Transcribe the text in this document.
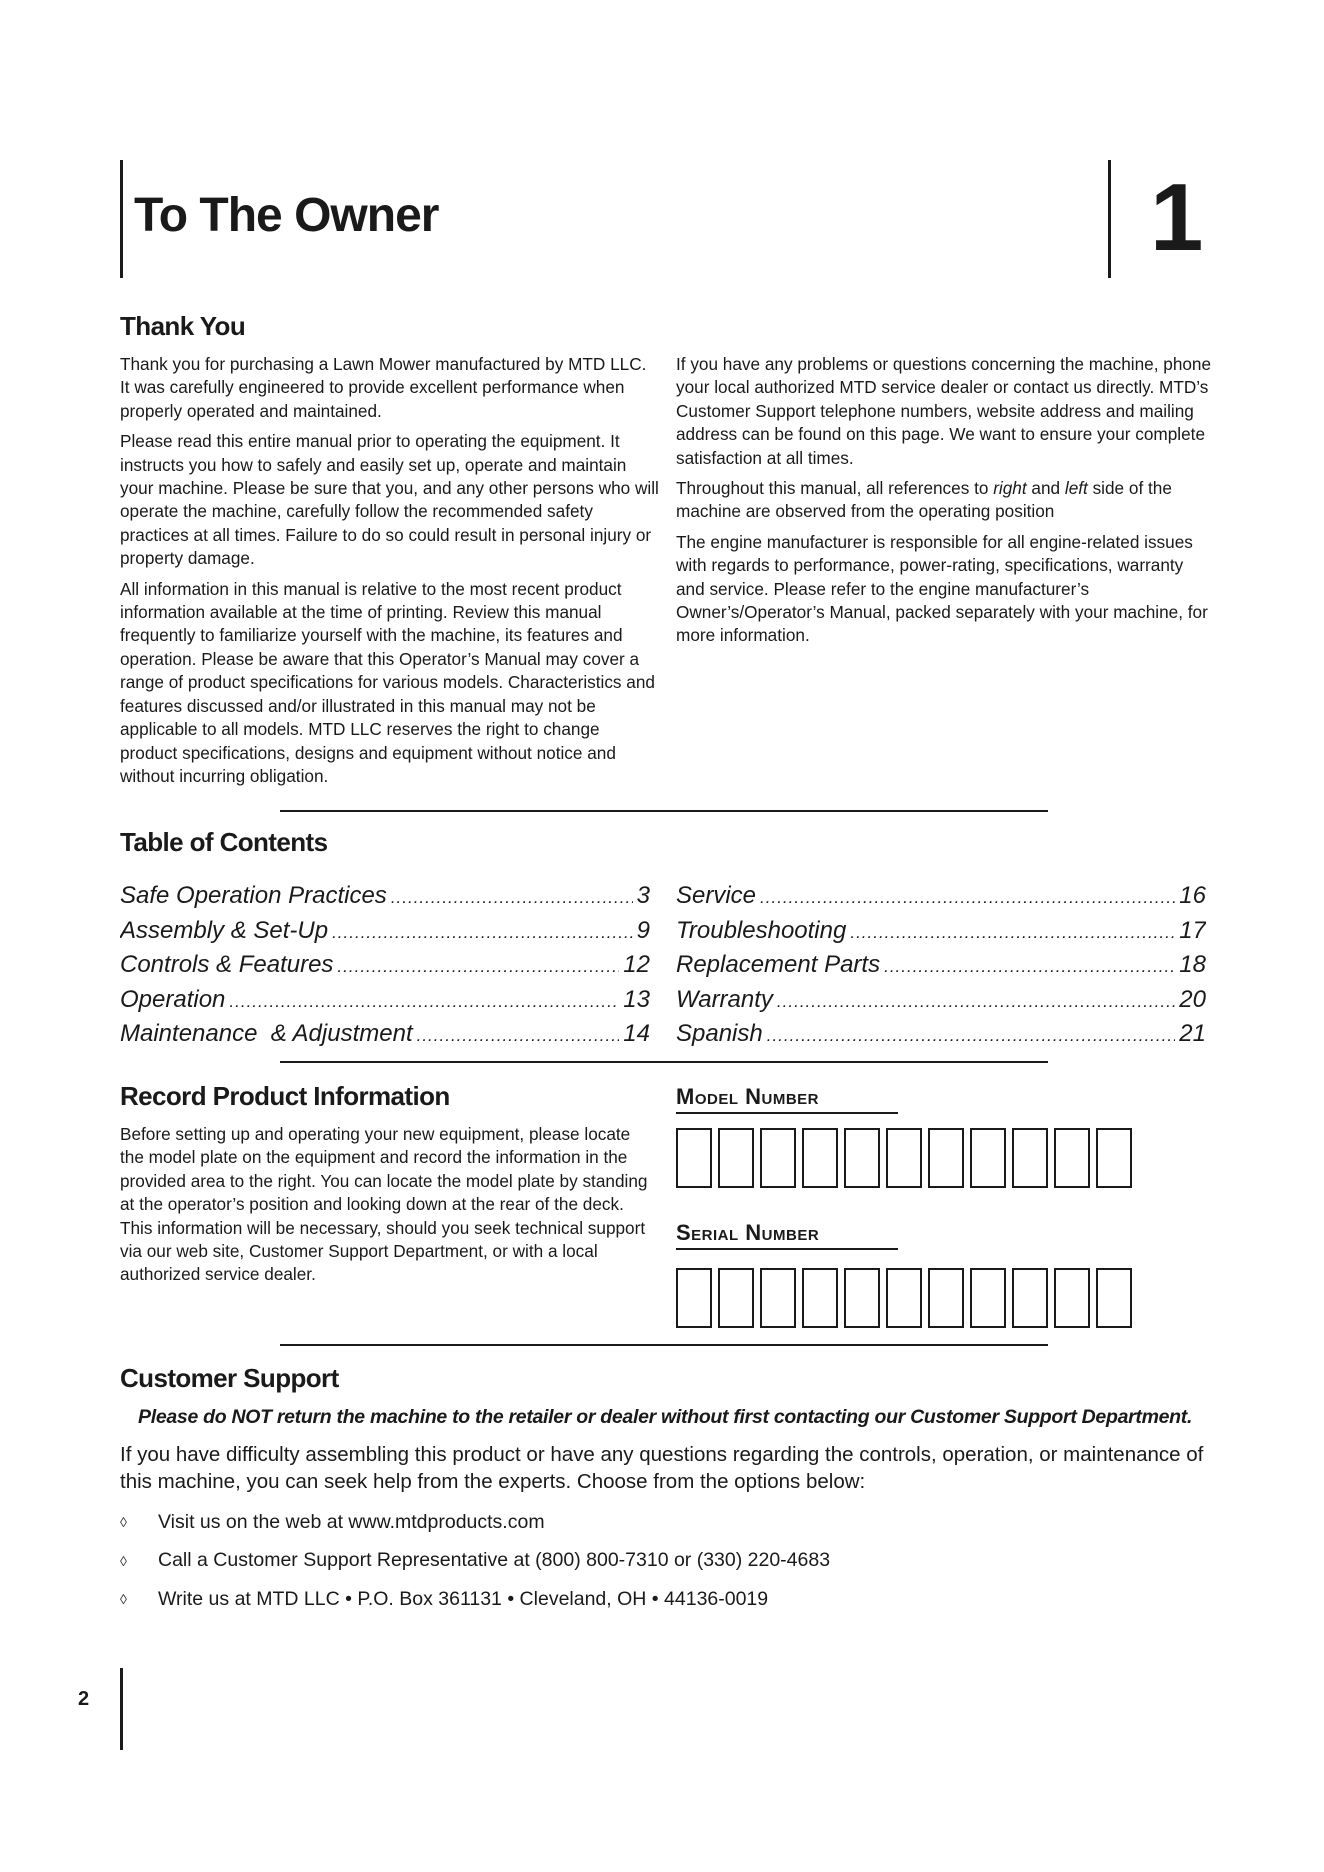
To The Owner	1
Thank You

Thank you for purchasing a Lawn Mower manufactured by MTD LLC. It was carefully engineered to provide excellent performance when properly operated and maintained.

Please read this entire manual prior to operating the equipment. It instructs you how to safely and easily set up, operate and maintain your machine. Please be sure that you, and any other persons who will operate the machine, carefully follow the recommended safety practices at all times. Failure to do so could result in personal injury or property damage.

All information in this manual is relative to the most recent product information available at the time of printing. Review this manual frequently to familiarize yourself with the machine, its features and operation. Please be aware that this Operator’s Manual may cover a range of product specifications for various models. Characteristics and features discussed and/or illustrated in this manual may not be applicable to all models. MTD LLC reserves the right to change product specifications, designs and equipment without notice and without incurring obligation.

If you have any problems or questions concerning the machine, phone your local authorized MTD service dealer or contact us directly. MTD’s Customer Support telephone numbers, website address and mailing address can be found on this page. We want to ensure your complete satisfaction at all times.

Throughout this manual, all references to right and left side of the machine are observed from the operating position

The engine manufacturer is responsible for all engine-related issues with regards to performance, power-rating, specifications, warranty and service. Please refer to the engine manufacturer’s Owner’s/Operator’s Manual, packed separately with your machine, for more information.

Table of Contents
Safe Operation Practices .....	3
Assembly & Set-Up .....	9
Controls & Features .....	12
Operation .....	13
Maintenance  & Adjustment .....	14
Service .....	16
Troubleshooting .....	17
Replacement Parts .....	18
Warranty .....	20
Spanish .....	21
Record Product Information
Before setting up and operating your new equipment, please locate the model plate on the equipment and record the information in the provided area to the right. You can locate the model plate by standing at the operator’s position and looking down at the rear of the deck. This information will be necessary, should you seek technical support via our web site, Customer Support Department, or with a local authorized service dealer.
Model Number
Serial Number
Customer Support
Please do NOT return the machine to the retailer or dealer without first contacting our Customer Support Department.
If you have difficulty assembling this product or have any questions regarding the controls, operation, or maintenance of this machine, you can seek help from the experts. Choose from the options below:
◊	Visit us on the web at www.mtdproducts.com
◊	Call a Customer Support Representative at (800) 800-7310 or (330) 220-4683
◊	Write us at MTD LLC • P.O. Box 361131 • Cleveland, OH • 44136-0019
2
